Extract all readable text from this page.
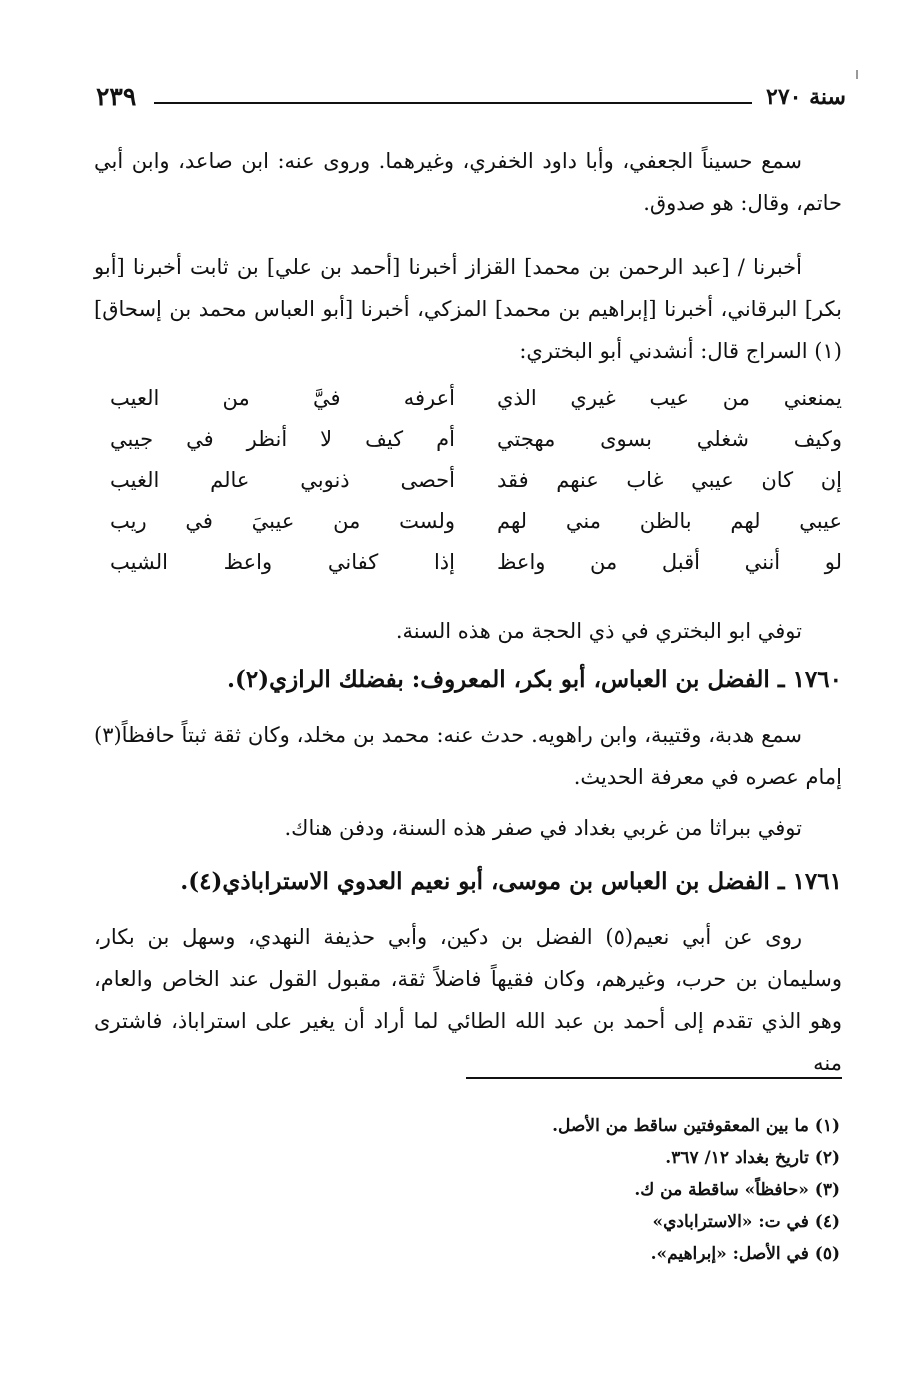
سنة ٢٧٠
٢٣٩
سمع حسيناً الجعفي، وأبا داود الخفري، وغيرهما. وروى عنه: ابن صاعد، وابن أبي حاتم، وقال: هو صدوق.
أخبرنا / [عبد الرحمن بن محمد] القزاز أخبرنا [أحمد بن علي] بن ثابت أخبرنا [أبو بكر] البرقاني، أخبرنا [إبراهيم بن محمد] المزكي، أخبرنا [أبو العباس محمد بن إسحاق](١) السراج قال: أنشدني أبو البختري:
يمنعني من عيب غيري الذي
أعرفه فيَّ من العيب
وكيف شغلي بسوى مهجتي
أم كيف لا أنظر في جيبي
إن كان عيبي غاب عنهم فقد
أحصى ذنوبي عالم الغيب
عيبي لهم بالظن مني لهم
ولست من عيبيَ في ريب
لو أنني أقبل من واعظ
إذا كفاني واعظ الشيب
توفي ابو البختري في ذي الحجة من هذه السنة.
١٧٦٠ ـ الفضل بن العباس، أبو بكر، المعروف: بفضلك الرازي(٢).
سمع هدبة، وقتيبة، وابن راهويه. حدث عنه: محمد بن مخلد، وكان ثقة ثبتاً حافظاً(٣) إمام عصره في معرفة الحديث.
توفي ببراثا من غربي بغداد في صفر هذه السنة، ودفن هناك.
١٧٦١ ـ الفضل بن العباس بن موسى، أبو نعيم العدوي الاستراباذي(٤).
روى عن أبي نعيم(٥) الفضل بن دكين، وأبي حذيفة النهدي، وسهل بن بكار، وسليمان بن حرب، وغيرهم، وكان فقيهاً فاضلاً ثقة، مقبول القول عند الخاص والعام، وهو الذي تقدم إلى أحمد بن عبد الله الطائي لما أراد أن يغير على استراباذ، فاشترى منه
(١) ما بين المعقوفتين ساقط من الأصل.
(٢) تاريخ بغداد ١٢/ ٣٦٧.
(٣) «حافظاً» ساقطة من ك.
(٤) في ت: «الاسترابادي»
(٥) في الأصل: «إبراهيم».
